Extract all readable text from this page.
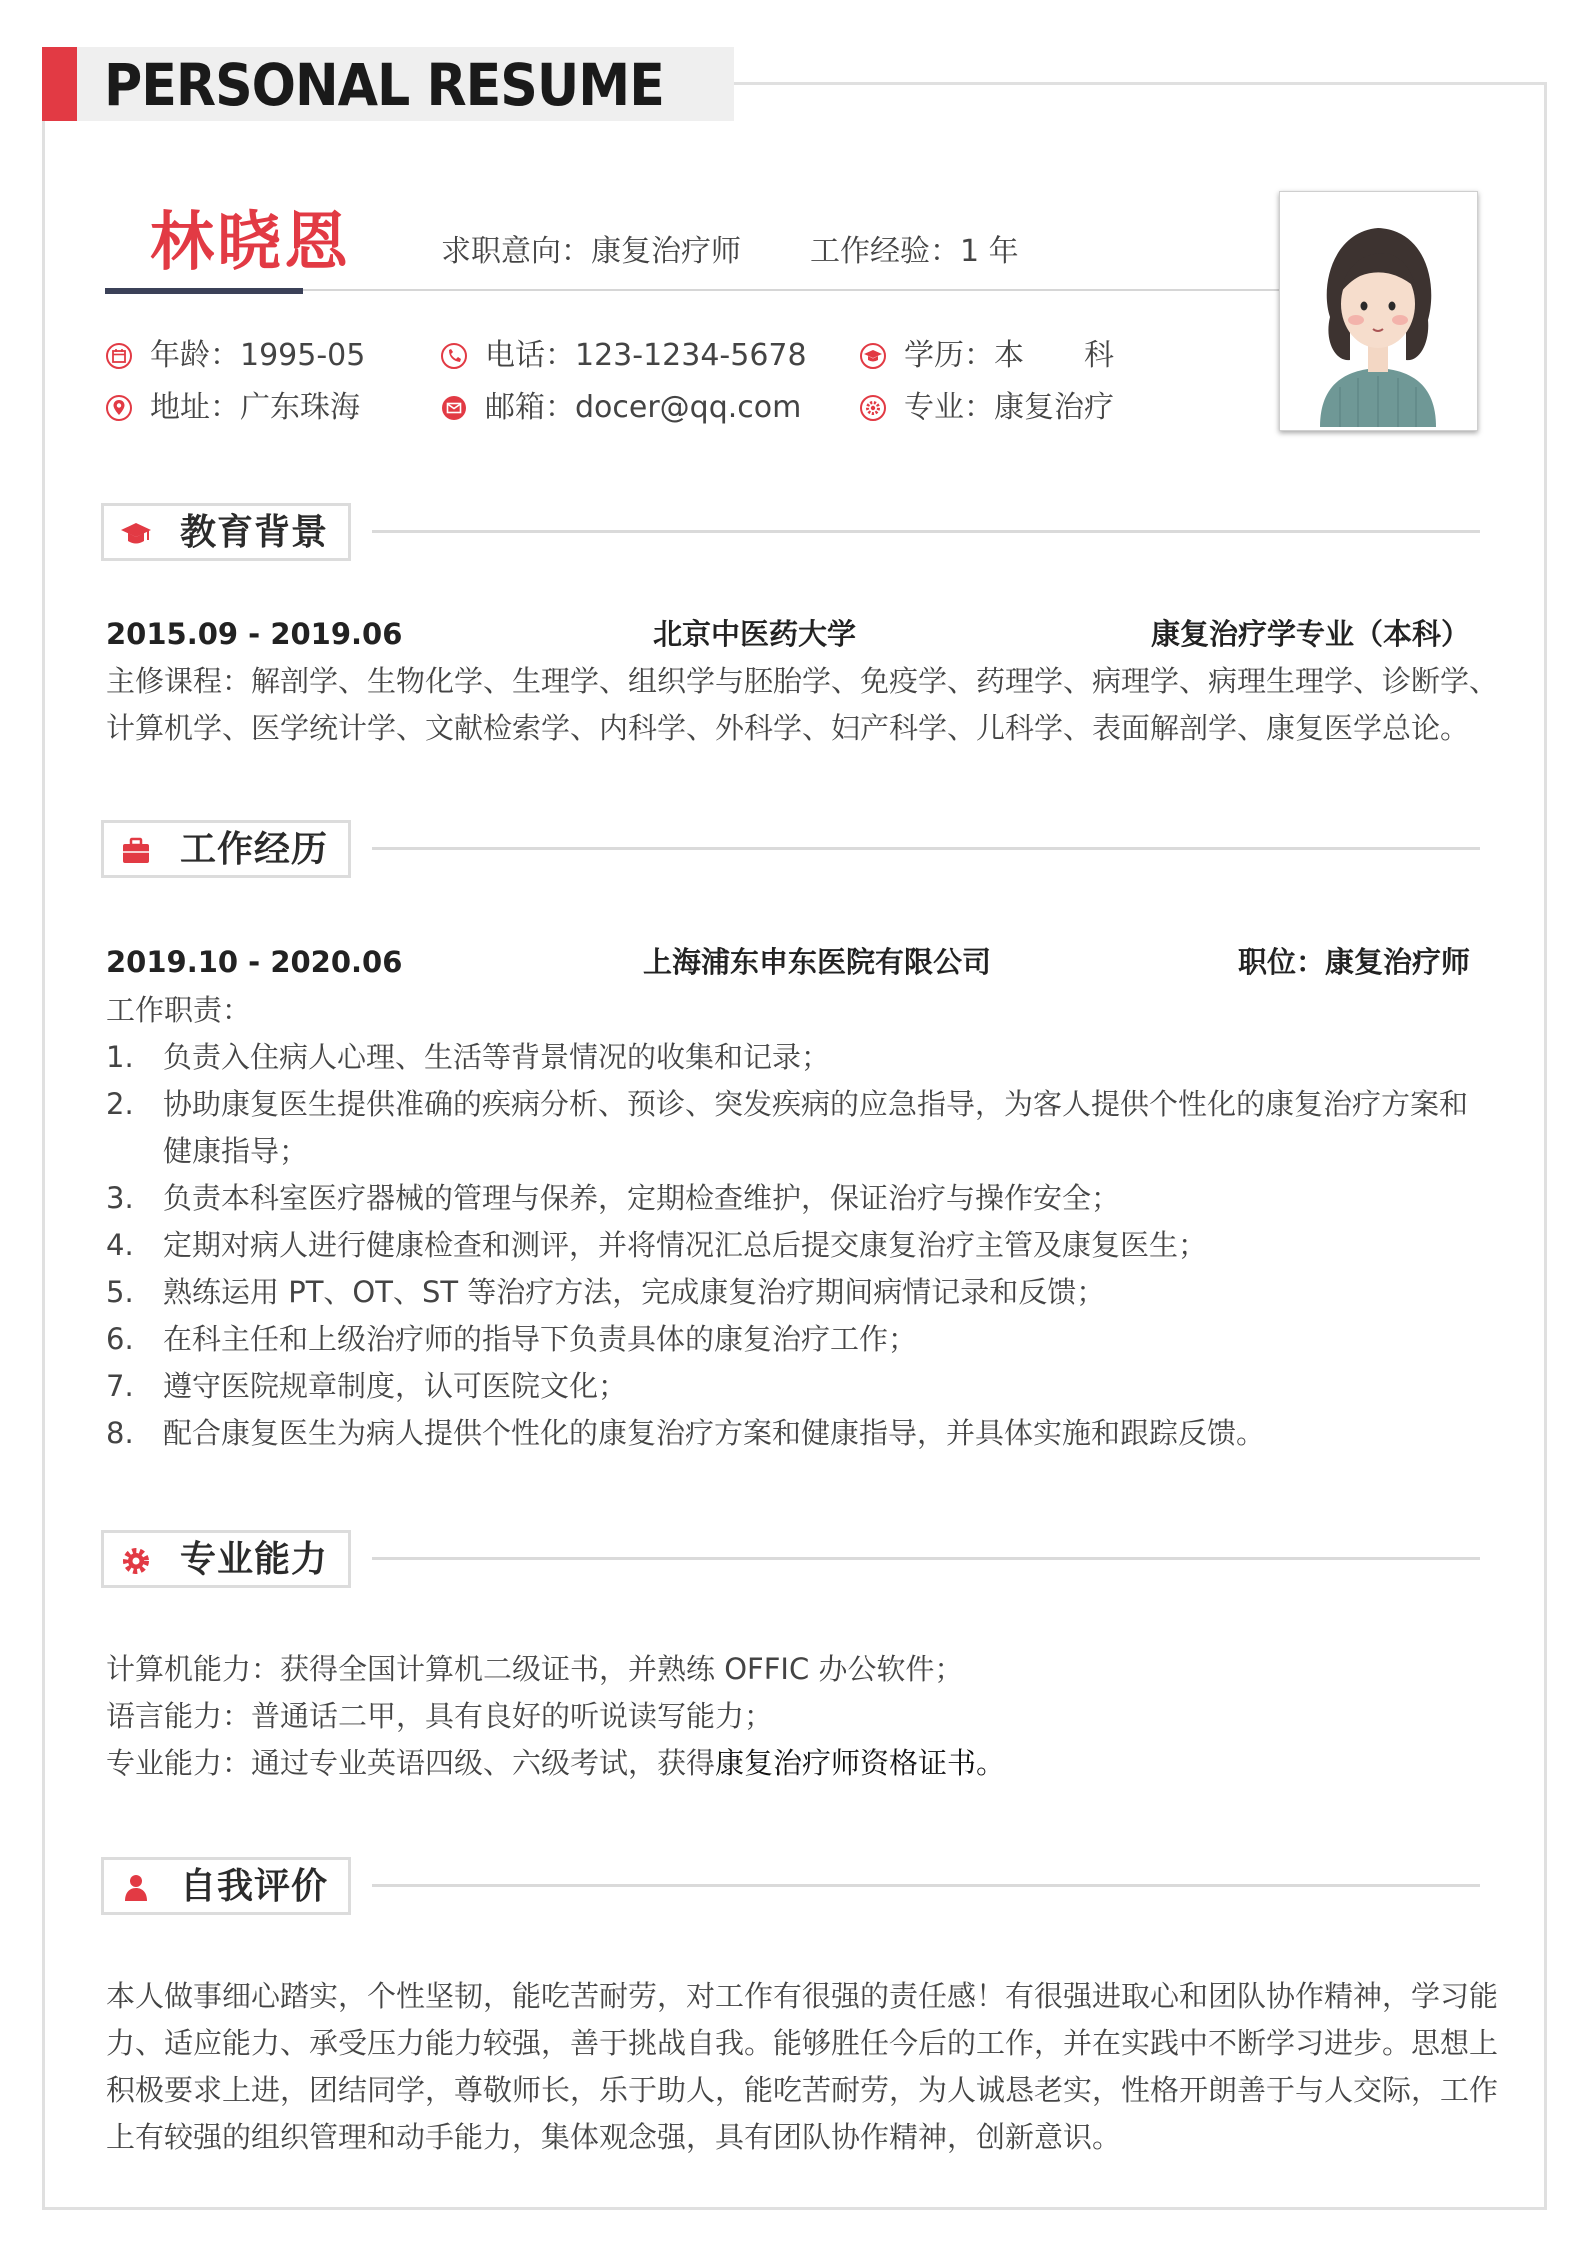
PERSONAL RESUME
林晓恩	求职意向：康复治疗师 工作经验：1 年
年龄：1995-05	电话：123-1234-5678	学历：本　　科
地址：广东珠海	邮箱：docer@qq.com	专业：康复治疗
教育背景
2015.09 - 2019.06	北京中医药大学	康复治疗学专业（本科）
主修课程：解剖学、生物化学、生理学、组织学与胚胎学、免疫学、药理学、病理学、病理生理学、诊断学、
计算机学、医学统计学、文献检索学、内科学、外科学、妇产科学、儿科学、表面解剖学、康复医学总论。
工作经历
2019.10 - 2020.06	上海浦东申东医院有限公司	职位：康复治疗师
工作职责：
1.	负责入住病人心理、生活等背景情况的收集和记录；
2.	协助康复医生提供准确的疾病分析、预诊、突发疾病的应急指导，为客人提供个性化的康复治疗方案和健康指导；
3.	负责本科室医疗器械的管理与保养，定期检查维护，保证治疗与操作安全；
4.	定期对病人进行健康检查和测评，并将情况汇总后提交康复治疗主管及康复医生；
5.	熟练运用 PT、OT、ST 等治疗方法，完成康复治疗期间病情记录和反馈；
6.	在科主任和上级治疗师的指导下负责具体的康复治疗工作；
7.	遵守医院规章制度，认可医院文化；
8.	配合康复医生为病人提供个性化的康复治疗方案和健康指导，并具体实施和跟踪反馈。
专业能力
计算机能力：获得全国计算机二级证书，并熟练 OFFIC 办公软件；
语言能力：普通话二甲，具有良好的听说读写能力；
专业能力：通过专业英语四级、六级考试，获得康复治疗师资格证书。
自我评价
本人做事细心踏实，个性坚韧，能吃苦耐劳，对工作有很强的责任感！有很强进取心和团队协作精神，学习能
力、适应能力、承受压力能力较强，善于挑战自我。能够胜任今后的工作，并在实践中不断学习进步。思想上
积极要求上进，团结同学，尊敬师长，乐于助人，能吃苦耐劳，为人诚恳老实，性格开朗善于与人交际，工作
上有较强的组织管理和动手能力，集体观念强，具有团队协作精神，创新意识。
